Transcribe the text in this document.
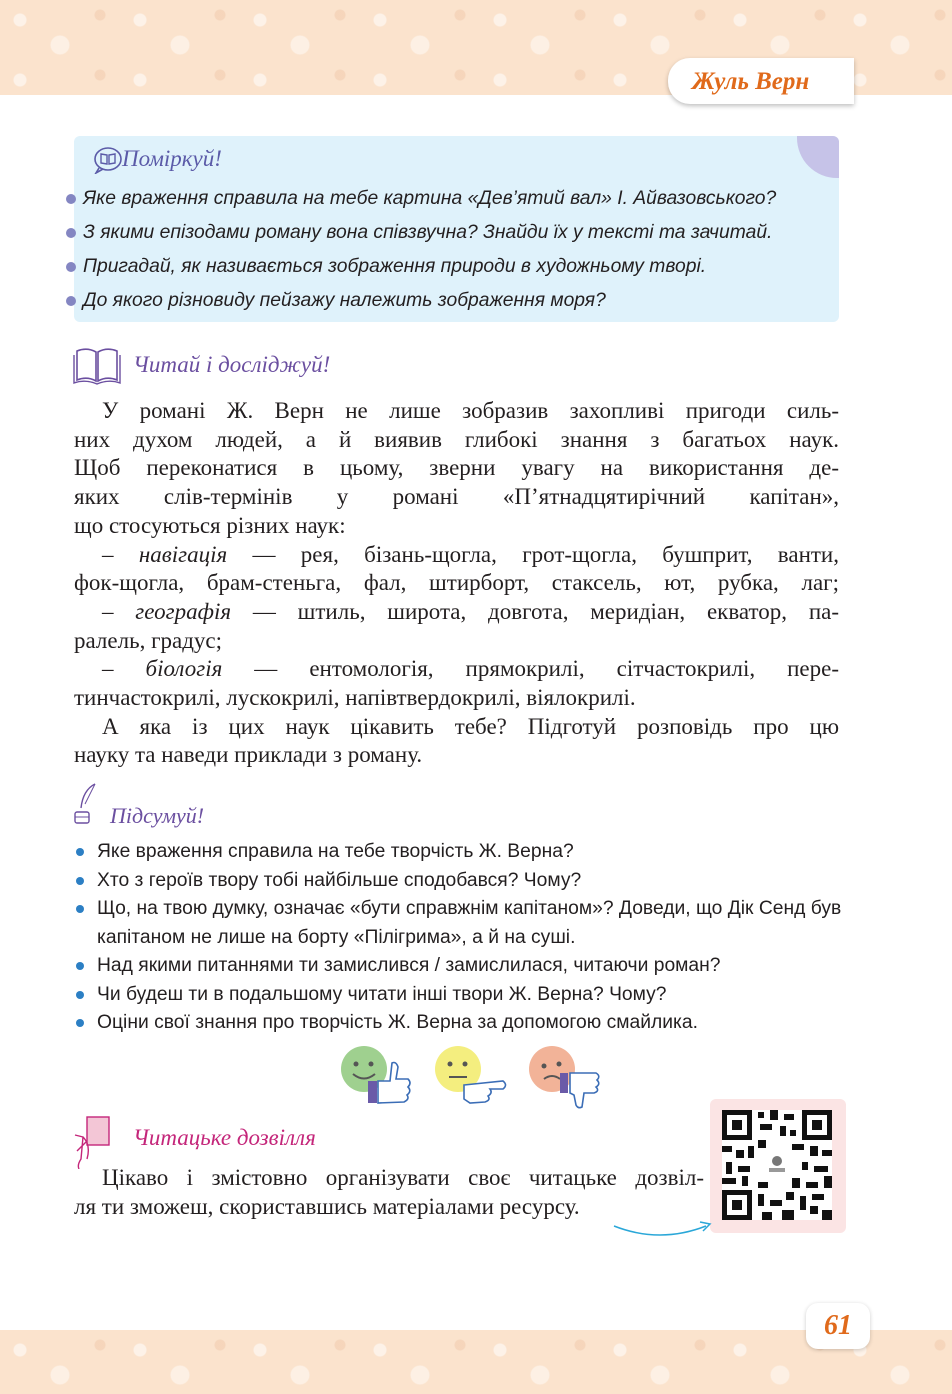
Жуль Верн
Поміркуй!
Яке враження справила на тебе картина «Дев’ятий вал» І. Айвазовського?
З якими епізодами роману вона співзвучна? Знайди їх у тексті та зачитай.
Пригадай, як називається зображення природи в художньому творі.
До якого різновиду пейзажу належить зображення моря?
Читай і досліджуй!
У романі Ж. Верн не лише зобразив захопливі пригоди силь-
них духом людей, а й виявив глибокі знання з багатьох наук.
Щоб переконатися в цьому, зверни увагу на використання де-
яких слів-термінів у романі «Пʼятнадцятирічний капітан»,
що стосуються різних наук:
– навігація — рея, бізань-щогла, грот-щогла, бушприт, ванти,
фок-щогла, брам-стеньга, фал, штирборт, стаксель, ют, рубка, лаг;
– географія — штиль, широта, довгота, меридіан, екватор, па-
ралель, градус;
– біологія — ентомологія, прямокрилі, сітчастокрилі, пере-
тинчастокрилі, лускокрилі, напівтвердокрилі, віялокрилі.
А яка із цих наук цікавить тебе? Підготуй розповідь про цю
науку та наведи приклади з роману.
Підсумуй!
Яке враження справила на тебе творчість Ж. Верна?
Хто з героїв твору тобі найбільше сподобався? Чому?
Що, на твою думку, означає «бути справжнім капітаном»? Доведи, що Дік Сенд був капітаном не лише на борту «Пілігрима», а й на суші.
Над якими питаннями ти замислився / замислилася, читаючи роман?
Чи будеш ти в подальшому читати інші твори Ж. Верна? Чому?
Оціни свої знання про творчість Ж. Верна за допомогою смайлика.
Читацьке дозвілля
Цікаво і змістовно організувати своє читацьке дозвіл-
ля ти зможеш, скориставшись матеріалами ресурсу.
61
